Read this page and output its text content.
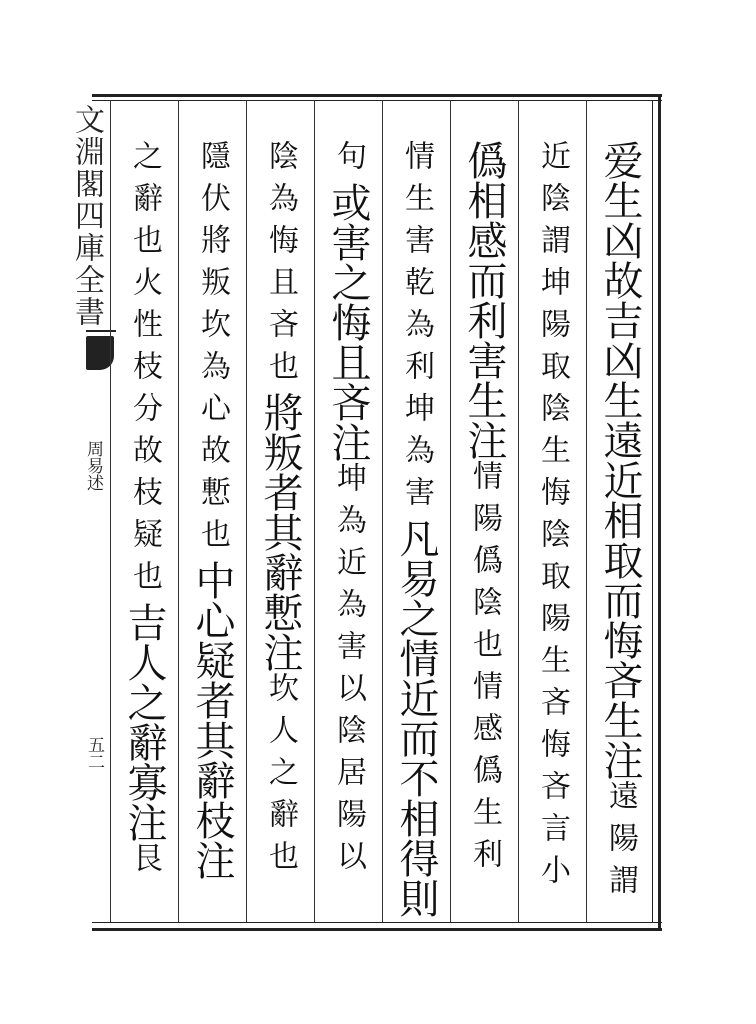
文淵閣四庫全書
周易述
五二
爱生凶故吉凶生遠近相取而悔吝生注遠陽謂
近陰謂坤陽取陰生悔陰取陽生吝悔吝言小
僞相感而利害生注情陽僞陰也情感僞生利
情生害乾為利坤為害凡易之情近而不相得則
句或害之悔且吝注坤為近為害以陰居陽以
陰為悔且吝也將叛者其辭慙注坎人之辭也
隱伏將叛坎為心故慙也中心疑者其辭枝注
之辭也火性枝分故枝疑也吉人之辭寡注艮
